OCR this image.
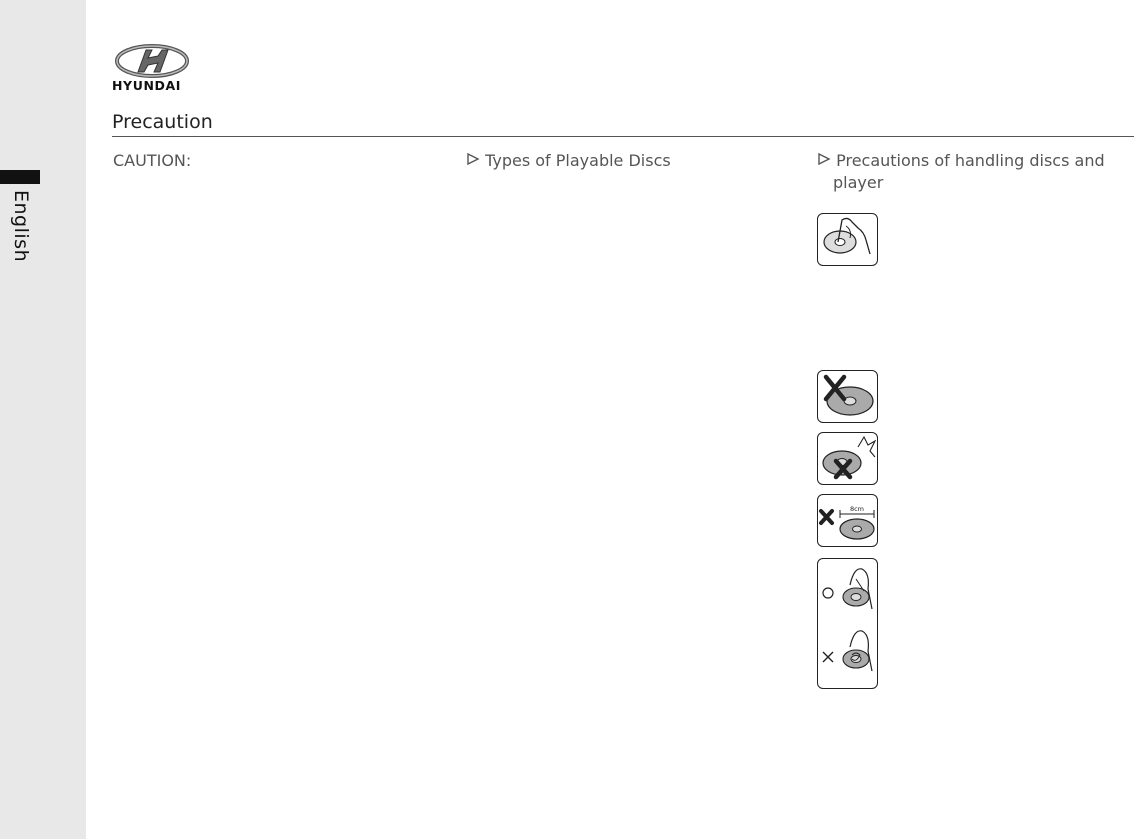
English
HYUNDAI
Precaution
CAUTION:	Types of Playable Discs	Precautions of handling discs and
player
8cm
